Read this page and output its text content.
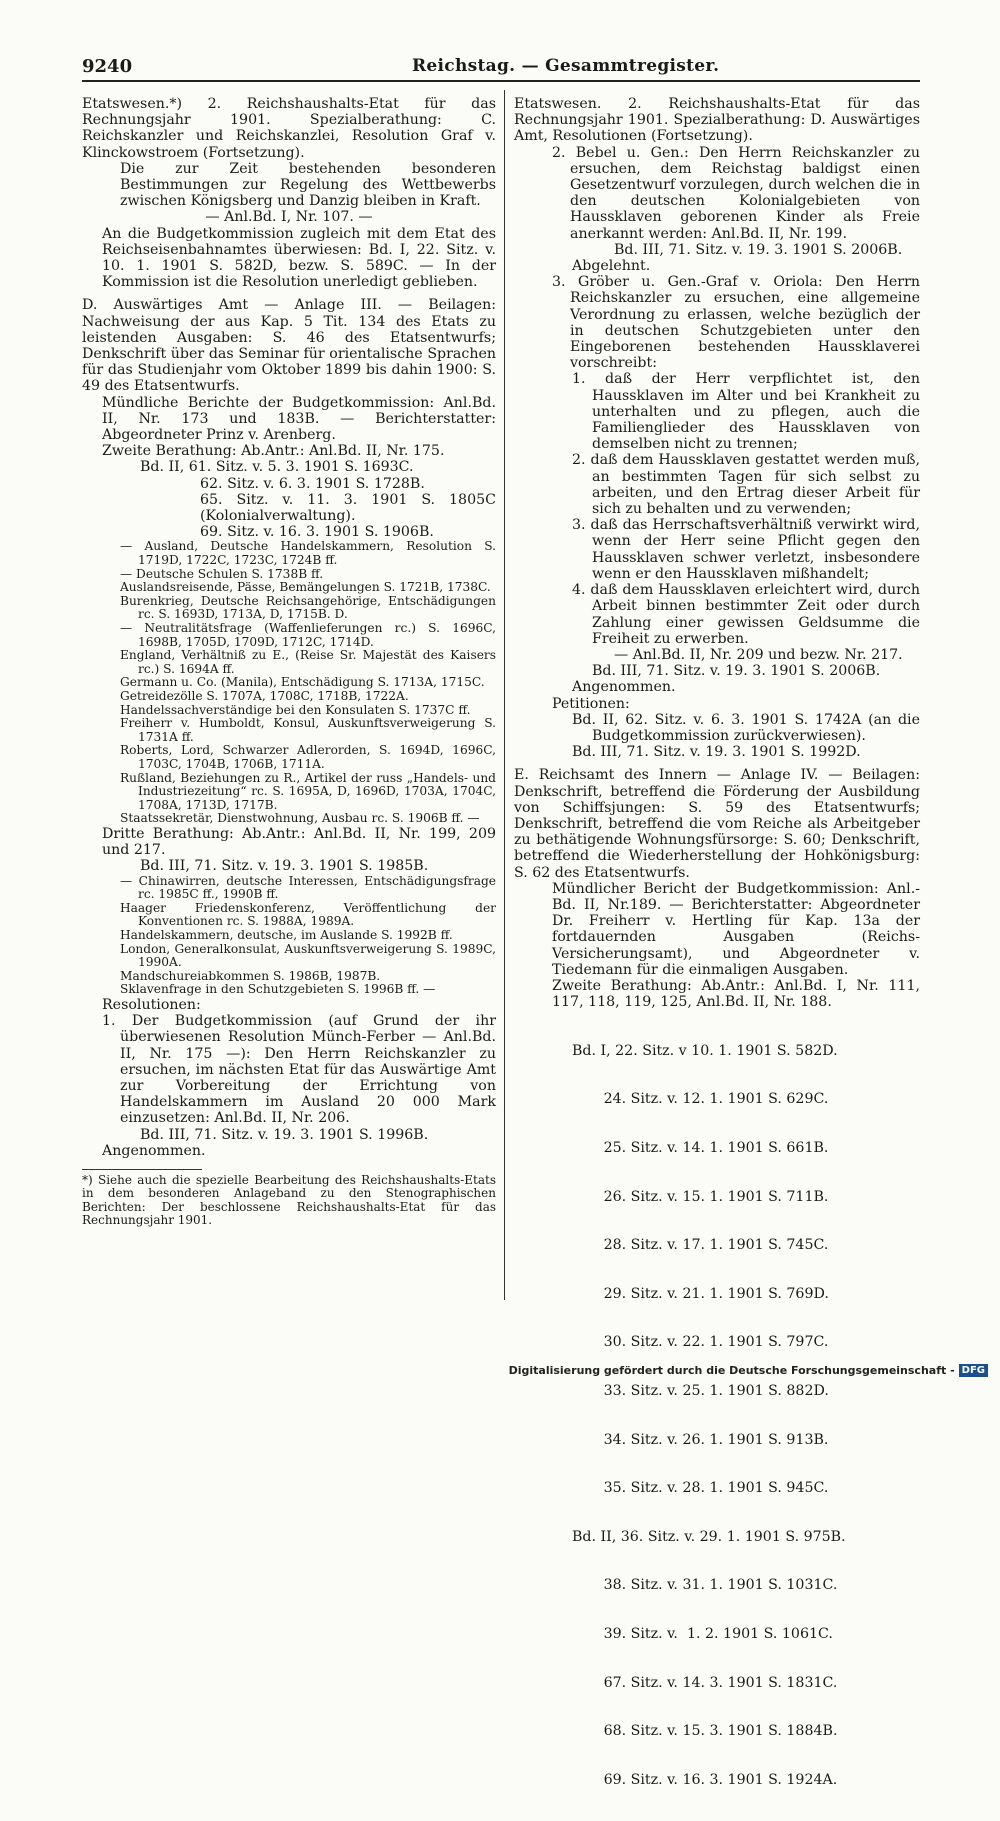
9240	Reichstag. — Gesammtregister.

Etatswesen.*) 2. Reichshaushalts-Etat für das Rechnungsjahr 1901. Spezialberathung: C. Reichskanzler und Reichskanzlei, Resolution Graf v. Klinckowstroem (Fortsetzung).

Die zur Zeit bestehenden besonderen Bestimmungen zur Regelung des Wettbewerbs zwischen Königsberg und Danzig bleiben in Kraft.

— Anl.Bd. I, Nr. 107. —

An die Budgetkommission zugleich mit dem Etat des Reichseisenbahnamtes überwiesen: Bd. I, 22. Sitz. v. 10. 1. 1901 S. 582D, bezw. S. 589C. — In der Kommission ist die Resolution unerledigt geblieben.

D. Auswärtiges Amt — Anlage III. — Beilagen: Nachweisung der aus Kap. 5 Tit. 134 des Etats zu leistenden Ausgaben: S. 46 des Etatsentwurfs; Denkschrift über das Seminar für orientalische Sprachen für das Studienjahr vom Oktober 1899 bis dahin 1900: S. 49 des Etatsentwurfs.

Mündliche Berichte der Budgetkommission: Anl.Bd. II, Nr. 173 und 183B. — Berichterstatter: Abgeordneter Prinz v. Arenberg.

Zweite Berathung: Ab.Antr.: Anl.Bd. II, Nr. 175.

Bd. II, 61. Sitz. v. 5. 3. 1901 S. 1693C.

62. Sitz. v. 6. 3. 1901 S. 1728B.

65. Sitz. v. 11. 3. 1901 S. 1805C (Kolonialverwaltung).

69. Sitz. v. 16. 3. 1901 S. 1906B.

— Ausland, Deutsche Handelskammern, Resolution S. 1719D, 1722C, 1723C, 1724B ff.

— Deutsche Schulen S. 1738B ff.

Auslandsreisende, Pässe, Bemängelungen S. 1721B, 1738C.

Burenkrieg, Deutsche Reichsangehörige, Entschädigungen rc. S. 1693D, 1713A, D, 1715B. D.

— Neutralitätsfrage (Waffenlieferungen rc.) S. 1696C, 1698B, 1705D, 1709D, 1712C, 1714D.

England, Verhältniß zu E., (Reise Sr. Majestät des Kaisers rc.) S. 1694A ff.

Germann u. Co. (Manila), Entschädigung S. 1713A, 1715C.

Getreidezölle S. 1707A, 1708C, 1718B, 1722A.

Handelssachverständige bei den Konsulaten S. 1737C ff.

Freiherr v. Humboldt, Konsul, Auskunftsverweigerung S. 1731A ff.

Roberts, Lord, Schwarzer Adlerorden, S. 1694D, 1696C, 1703C, 1704B, 1706B, 1711A.

Rußland, Beziehungen zu R., Artikel der russ „Handels- und Industriezeitung“ rc. S. 1695A, D, 1696D, 1703A, 1704C, 1708A, 1713D, 1717B.

Staatssekretär, Dienstwohnung, Ausbau rc. S. 1906B ff. —

Dritte Berathung: Ab.Antr.: Anl.Bd. II, Nr. 199, 209 und 217.

Bd. III, 71. Sitz. v. 19. 3. 1901 S. 1985B.

— Chinawirren, deutsche Interessen, Entschädigungsfrage rc. 1985C ff., 1990B ff.

Haager Friedenskonferenz, Veröffentlichung der Konventionen rc. S. 1988A, 1989A.

Handelskammern, deutsche, im Auslande S. 1992B ff.

London, Generalkonsulat, Auskunftsverweigerung S. 1989C, 1990A.

Mandschureiabkommen S. 1986B, 1987B.

Sklavenfrage in den Schutzgebieten S. 1996B ff. —

Resolutionen:

1. Der Budgetkommission (auf Grund der ihr überwiesenen Resolution Münch-Ferber — Anl.Bd. II, Nr. 175 —): Den Herrn Reichskanzler zu ersuchen, im nächsten Etat für das Auswärtige Amt zur Vorbereitung der Errichtung von Handelskammern im Ausland 20 000 Mark einzusetzen: Anl.Bd. II, Nr. 206.

Bd. III, 71. Sitz. v. 19. 3. 1901 S. 1996B.

Angenommen.

*) Siehe auch die spezielle Bearbeitung des Reichshaushalts-Etats in dem besonderen Anlageband zu den Stenographischen Berichten: Der beschlossene Reichshaushalts-Etat für das Rechnungsjahr 1901.

Etatswesen. 2. Reichshaushalts-Etat für das Rechnungsjahr 1901. Spezialberathung: D. Auswärtiges Amt, Resolutionen (Fortsetzung).

2. Bebel u. Gen.: Den Herrn Reichskanzler zu ersuchen, dem Reichstag baldigst einen Gesetzentwurf vorzulegen, durch welchen die in den deutschen Kolonialgebieten von Haussklaven geborenen Kinder als Freie anerkannt werden: Anl.Bd. II, Nr. 199.

Bd. III, 71. Sitz. v. 19. 3. 1901 S. 2006B.

Abgelehnt.

3. Gröber u. Gen.-Graf v. Oriola: Den Herrn Reichskanzler zu ersuchen, eine allgemeine Verordnung zu erlassen, welche bezüglich der in deutschen Schutzgebieten unter den Eingeborenen bestehenden Haussklaverei vorschreibt:

1. daß der Herr verpflichtet ist, den Haussklaven im Alter und bei Krankheit zu unterhalten und zu pflegen, auch die Familienglieder des Haussklaven von demselben nicht zu trennen;

2. daß dem Haussklaven gestattet werden muß, an bestimmten Tagen für sich selbst zu arbeiten, und den Ertrag dieser Arbeit für sich zu behalten und zu verwenden;

3. daß das Herrschaftsverhältniß verwirkt wird, wenn der Herr seine Pflicht gegen den Haussklaven schwer verletzt, insbesondere wenn er den Haussklaven mißhandelt;

4. daß dem Haussklaven erleichtert wird, durch Arbeit binnen bestimmter Zeit oder durch Zahlung einer gewissen Geldsumme die Freiheit zu erwerben.

— Anl.Bd. II, Nr. 209 und bezw. Nr. 217.

Bd. III, 71. Sitz. v. 19. 3. 1901 S. 2006B.

Angenommen.

Petitionen:

Bd. II, 62. Sitz. v. 6. 3. 1901 S. 1742A (an die Budgetkommission zurückverwiesen).

Bd. III, 71. Sitz. v. 19. 3. 1901 S. 1992D.

E. Reichsamt des Innern — Anlage IV. — Beilagen: Denkschrift, betreffend die Förderung der Ausbildung von Schiffsjungen: S. 59 des Etatsentwurfs; Denkschrift, betreffend die vom Reiche als Arbeitgeber zu bethätigende Wohnungsfürsorge: S. 60; Denkschrift, betreffend die Wiederherstellung der Hohkönigsburg: S. 62 des Etatsentwurfs.

Mündlicher Bericht der Budgetkommission: Anl.-Bd. II, Nr.189. — Berichterstatter: Abgeordneter Dr. Freiherr v. Hertling für Kap. 13a der fortdauernden Ausgaben (Reichs-Versicherungsamt), und Abgeordneter v. Tiedemann für die einmaligen Ausgaben.

Zweite Berathung: Ab.Antr.: Anl.Bd. I, Nr. 111, 117, 118, 119, 125, Anl.Bd. II, Nr. 188.

Bd. I, 22. Sitz. v 10. 1. 1901 S. 582D.

24. Sitz. v. 12. 1. 1901 S. 629C.

25. Sitz. v. 14. 1. 1901 S. 661B.

26. Sitz. v. 15. 1. 1901 S. 711B.

28. Sitz. v. 17. 1. 1901 S. 745C.

29. Sitz. v. 21. 1. 1901 S. 769D.

30. Sitz. v. 22. 1. 1901 S. 797C.

33. Sitz. v. 25. 1. 1901 S. 882D.

34. Sitz. v. 26. 1. 1901 S. 913B.

35. Sitz. v. 28. 1. 1901 S. 945C.

Bd. II, 36. Sitz. v. 29. 1. 1901 S. 975B.

38. Sitz. v. 31. 1. 1901 S. 1031C.

39. Sitz. v.  1. 2. 1901 S. 1061C.

67. Sitz. v. 14. 3. 1901 S. 1831C.

68. Sitz. v. 15. 3. 1901 S. 1884B.

69. Sitz. v. 16. 3. 1901 S. 1924A.

Digitalisierung gefördert durch die Deutsche Forschungsgemeinschaft - DFG
